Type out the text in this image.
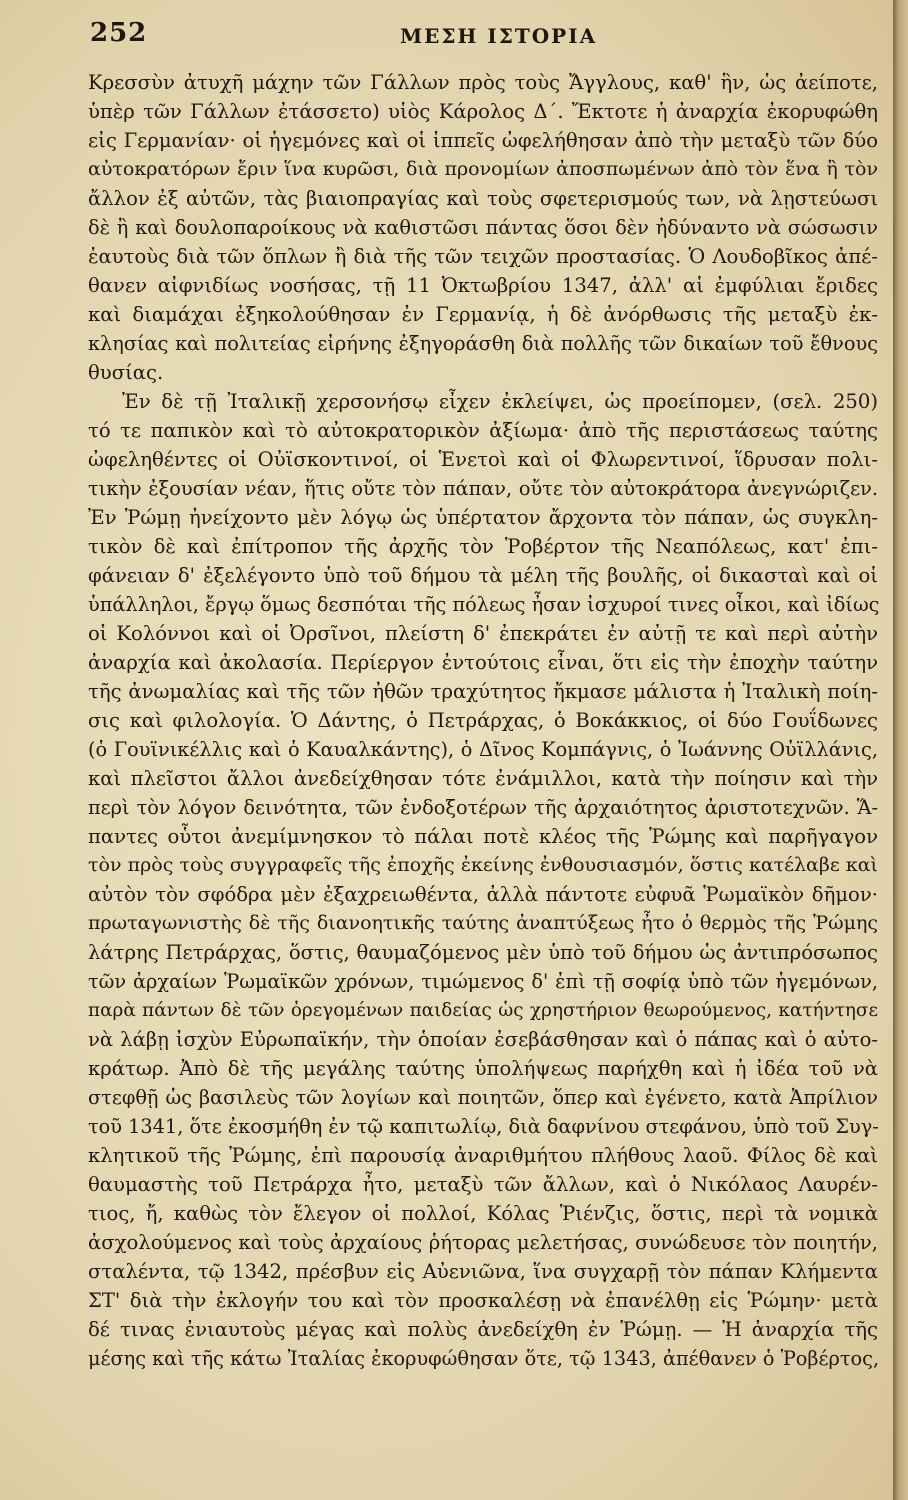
252	ΜΕΣΗ ΙΣΤΟΡΙΑ
Κρεσσὺν ἀτυχῆ μάχην τῶν Γάλλων πρὸς τοὺς Ἄγγλους, καθ' ἣν, ὡς ἀείποτε,
ὑπὲρ τῶν Γάλλων ἐτάσσετο) υἱὸς Κάρολος Δ΄. Ἔκτοτε ἡ ἀναρχία ἐκορυφώθη
εἰς Γερμανίαν· οἱ ἡγεμόνες καὶ οἱ ἱππεῖς ὠφελήθησαν ἀπὸ τὴν μεταξὺ τῶν δύο
αὐτοκρατόρων ἔριν ἵνα κυρῶσι, διὰ προνομίων ἀποσπωμένων ἀπὸ τὸν ἕνα ἢ τὸν
ἄλλον ἐξ αὐτῶν, τὰς βιαιοπραγίας καὶ τοὺς σφετερισμούς των, νὰ λῃστεύωσι
δὲ ἢ καὶ δουλοπαροίκους νὰ καθιστῶσι πάντας ὅσοι δὲν ἠδύναντο νὰ σώσωσιν
ἑαυτοὺς διὰ τῶν ὅπλων ἢ διὰ τῆς τῶν τειχῶν προστασίας. Ὁ Λουδοβῖκος ἀπέ-
θανεν αἰφνιδίως νοσήσας, τῇ 11 Ὀκτωβρίου 1347, ἀλλ' αἱ ἐμφύλιαι ἔριδες
καὶ διαμάχαι ἐξηκολούθησαν ἐν Γερμανίᾳ, ἡ δὲ ἀνόρθωσις τῆς μεταξὺ ἐκ-
κλησίας καὶ πολιτείας εἰρήνης ἐξηγοράσθη διὰ πολλῆς τῶν δικαίων τοῦ ἔθνους
θυσίας.
Ἐν δὲ τῇ Ἰταλικῇ χερσονήσῳ εἶχεν ἐκλείψει, ὡς προείπομεν, (σελ. 250)
τό τε παπικὸν καὶ τὸ αὐτοκρατορικὸν ἀξίωμα· ἀπὸ τῆς περιστάσεως ταύτης
ὠφεληθέντες οἱ Οὐϊσκοντινοί, οἱ Ἑνετοὶ καὶ οἱ Φλωρεντινοί, ἵδρυσαν πολι-
τικὴν ἐξουσίαν νέαν, ἥτις οὔτε τὸν πάπαν, οὔτε τὸν αὐτοκράτορα ἀνεγνώριζεν.
Ἐν Ῥώμῃ ἠνείχοντο μὲν λόγῳ ὡς ὑπέρτατον ἄρχοντα τὸν πάπαν, ὡς συγκλη-
τικὸν δὲ καὶ ἐπίτροπον τῆς ἀρχῆς τὸν Ῥοβέρτον τῆς Νεαπόλεως, κατ' ἐπι-
φάνειαν δ' ἐξελέγοντο ὑπὸ τοῦ δήμου τὰ μέλη τῆς βουλῆς, οἱ δικασταὶ καὶ οἱ
ὑπάλληλοι, ἔργῳ ὅμως δεσπόται τῆς πόλεως ἦσαν ἰσχυροί τινες οἶκοι, καὶ ἰδίως
οἱ Κολόννοι καὶ οἱ Ὀρσῖνοι, πλείστη δ' ἐπεκράτει ἐν αὐτῇ τε καὶ περὶ αὐτὴν
ἀναρχία καὶ ἀκολασία. Περίεργον ἐντούτοις εἶναι, ὅτι εἰς τὴν ἐποχὴν ταύτην
τῆς ἀνωμαλίας καὶ τῆς τῶν ἠθῶν τραχύτητος ἤκμασε μάλιστα ἡ Ἰταλικὴ ποίη-
σις καὶ φιλολογία. Ὁ Δάντης, ὁ Πετράρχας, ὁ Βοκάκκιος, οἱ δύο Γουΐδωνες
(ὁ Γουϊνικέλλις καὶ ὁ Καυαλκάντης), ὁ Δῖνος Κομπάγνις, ὁ Ἰωάννης Οὐϊλλάνις,
καὶ πλεῖστοι ἄλλοι ἀνεδείχθησαν τότε ἐνάμιλλοι, κατὰ τὴν ποίησιν καὶ τὴν
περὶ τὸν λόγον δεινότητα, τῶν ἐνδοξοτέρων τῆς ἀρχαιότητος ἀριστοτεχνῶν. Ἅ-
παντες οὗτοι ἀνεμίμνησκον τὸ πάλαι ποτὲ κλέος τῆς Ῥώμης καὶ παρῆγαγον
τὸν πρὸς τοὺς συγγραφεῖς τῆς ἐποχῆς ἐκείνης ἐνθουσιασμόν, ὅστις κατέλαβε καὶ
αὐτὸν τὸν σφόδρα μὲν ἐξαχρειωθέντα, ἀλλὰ πάντοτε εὐφυᾶ Ῥωμαϊκὸν δῆμον·
πρωταγωνιστὴς δὲ τῆς διανοητικῆς ταύτης ἀναπτύξεως ἦτο ὁ θερμὸς τῆς Ῥώμης
λάτρης Πετράρχας, ὅστις, θαυμαζόμενος μὲν ὑπὸ τοῦ δήμου ὡς ἀντιπρόσωπος
τῶν ἀρχαίων Ῥωμαϊκῶν χρόνων, τιμώμενος δ' ἐπὶ τῇ σοφίᾳ ὑπὸ τῶν ἡγεμόνων,
παρὰ πάντων δὲ τῶν ὀρεγομένων παιδείας ὡς χρηστήριον θεωρούμενος, κατήντησε
νὰ λάβῃ ἰσχὺν Εὐρωπαϊκήν, τὴν ὁποίαν ἐσεβάσθησαν καὶ ὁ πάπας καὶ ὁ αὐτο-
κράτωρ. Ἀπὸ δὲ τῆς μεγάλης ταύτης ὑπολήψεως παρήχθη καὶ ἡ ἰδέα τοῦ νὰ
στεφθῇ ὡς βασιλεὺς τῶν λογίων καὶ ποιητῶν, ὅπερ καὶ ἐγένετο, κατὰ Ἀπρίλιον
τοῦ 1341, ὅτε ἐκοσμήθη ἐν τῷ καπιτωλίῳ, διὰ δαφνίνου στεφάνου, ὑπὸ τοῦ Συγ-
κλητικοῦ τῆς Ῥώμης, ἐπὶ παρουσίᾳ ἀναριθμήτου πλήθους λαοῦ. Φίλος δὲ καὶ
θαυμαστὴς τοῦ Πετράρχα ἦτο, μεταξὺ τῶν ἄλλων, καὶ ὁ Νικόλαος Λαυρέν-
τιος, ἤ, καθὼς τὸν ἔλεγον οἱ πολλοί, Κόλας Ῥιένζις, ὅστις, περὶ τὰ νομικὰ
ἀσχολούμενος καὶ τοὺς ἀρχαίους ῥήτορας μελετήσας, συνώδευσε τὸν ποιητήν,
σταλέντα, τῷ 1342, πρέσβυν εἰς Αὐενιῶνα, ἵνα συγχαρῇ τὸν πάπαν Κλήμεντα
ΣΤ' διὰ τὴν ἐκλογήν του καὶ τὸν προσκαλέσῃ νὰ ἐπανέλθῃ εἰς Ῥώμην· μετὰ
δέ τινας ἐνιαυτοὺς μέγας καὶ πολὺς ἀνεδείχθη ἐν Ῥώμῃ. — Ἡ ἀναρχία τῆς
μέσης καὶ τῆς κάτω Ἰταλίας ἐκορυφώθησαν ὅτε, τῷ 1343, ἀπέθανεν ὁ Ῥοβέρτος,
